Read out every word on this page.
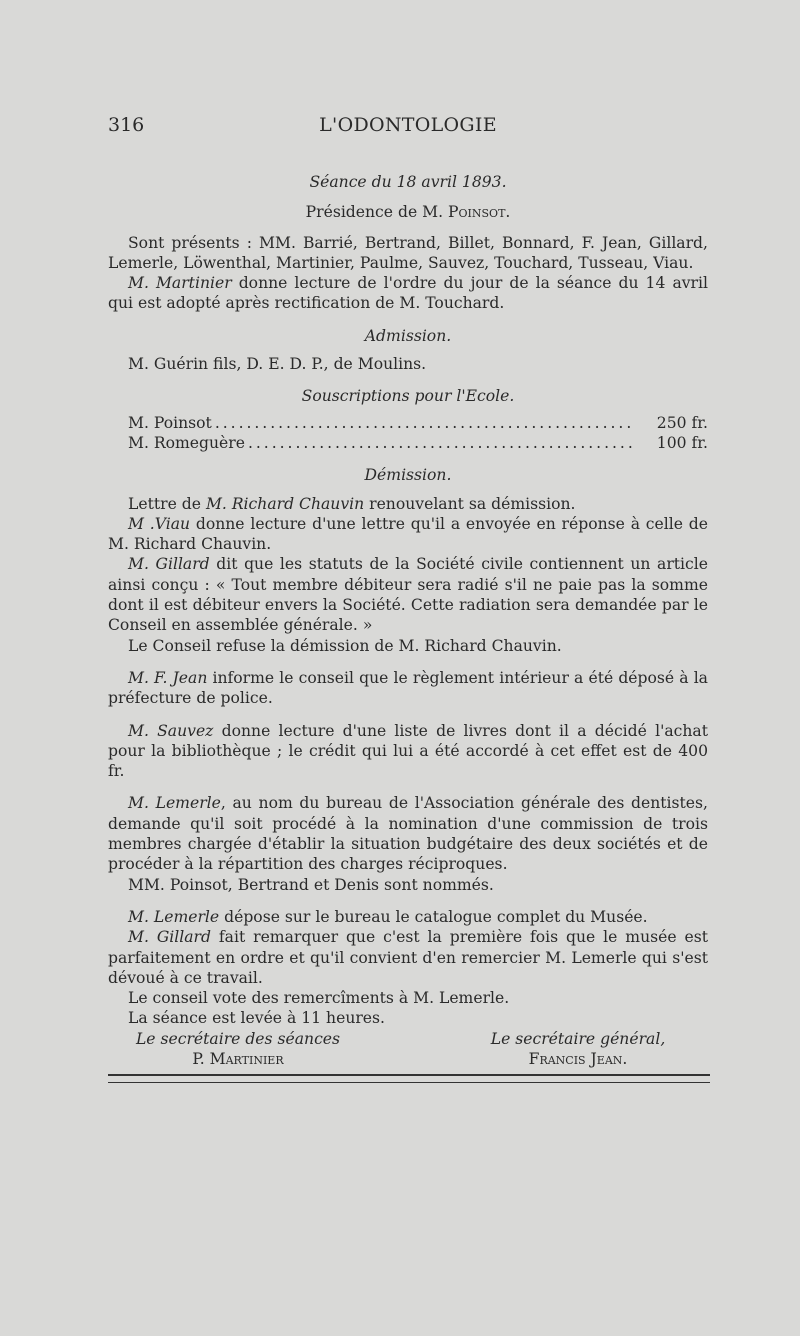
316	L'ODONTOLOGIE
Séance du 18 avril 1893.
Présidence de M. Poinsot.
Sont présents : MM. Barrié, Bertrand, Billet, Bonnard, F. Jean, Gillard, Lemerle, Löwenthal, Martinier, Paulme, Sauvez, Touchard, Tusseau, Viau.
M. Martinier donne lecture de l'ordre du jour de la séance du 14 avril qui est adopté après rectification de M. Touchard.
Admission.
M. Guérin fils, D. E. D. P., de Moulins.
Souscriptions pour l'Ecole.
M. Poinsot . . .	250 fr.
M. Romeguère . . .	100 fr.
Démission.
Lettre de M. Richard Chauvin renouvelant sa démission.
M .Viau donne lecture d'une lettre qu'il a envoyée en réponse à celle de M. Richard Chauvin.
M. Gillard dit que les statuts de la Société civile contiennent un article ainsi conçu : « Tout membre débiteur sera radié s'il ne paie pas la somme dont il est débiteur envers la Société. Cette radiation sera demandée par le Conseil en assemblée générale. »
Le Conseil refuse la démission de M. Richard Chauvin.
M. F. Jean informe le conseil que le règlement intérieur a été déposé à la préfecture de police.
M. Sauvez donne lecture d'une liste de livres dont il a décidé l'achat pour la bibliothèque ; le crédit qui lui a été accordé à cet effet est de 400 fr.
M. Lemerle, au nom du bureau de l'Association générale des dentistes, demande qu'il soit procédé à la nomination d'une commission de trois membres chargée d'établir la situation budgétaire des deux sociétés et de procéder à la répartition des charges réciproques.
MM. Poinsot, Bertrand et Denis sont nommés.
M. Lemerle dépose sur le bureau le catalogue complet du Musée.
M. Gillard fait remarquer que c'est la première fois que le musée est parfaitement en ordre et qu'il convient d'en remercier M. Lemerle qui s'est dévoué à ce travail.
Le conseil vote des remercîments à M. Lemerle.
La séance est levée à 11 heures.
Le secrétaire des séances
P. Martinier
Le secrétaire général,
Francis Jean.
